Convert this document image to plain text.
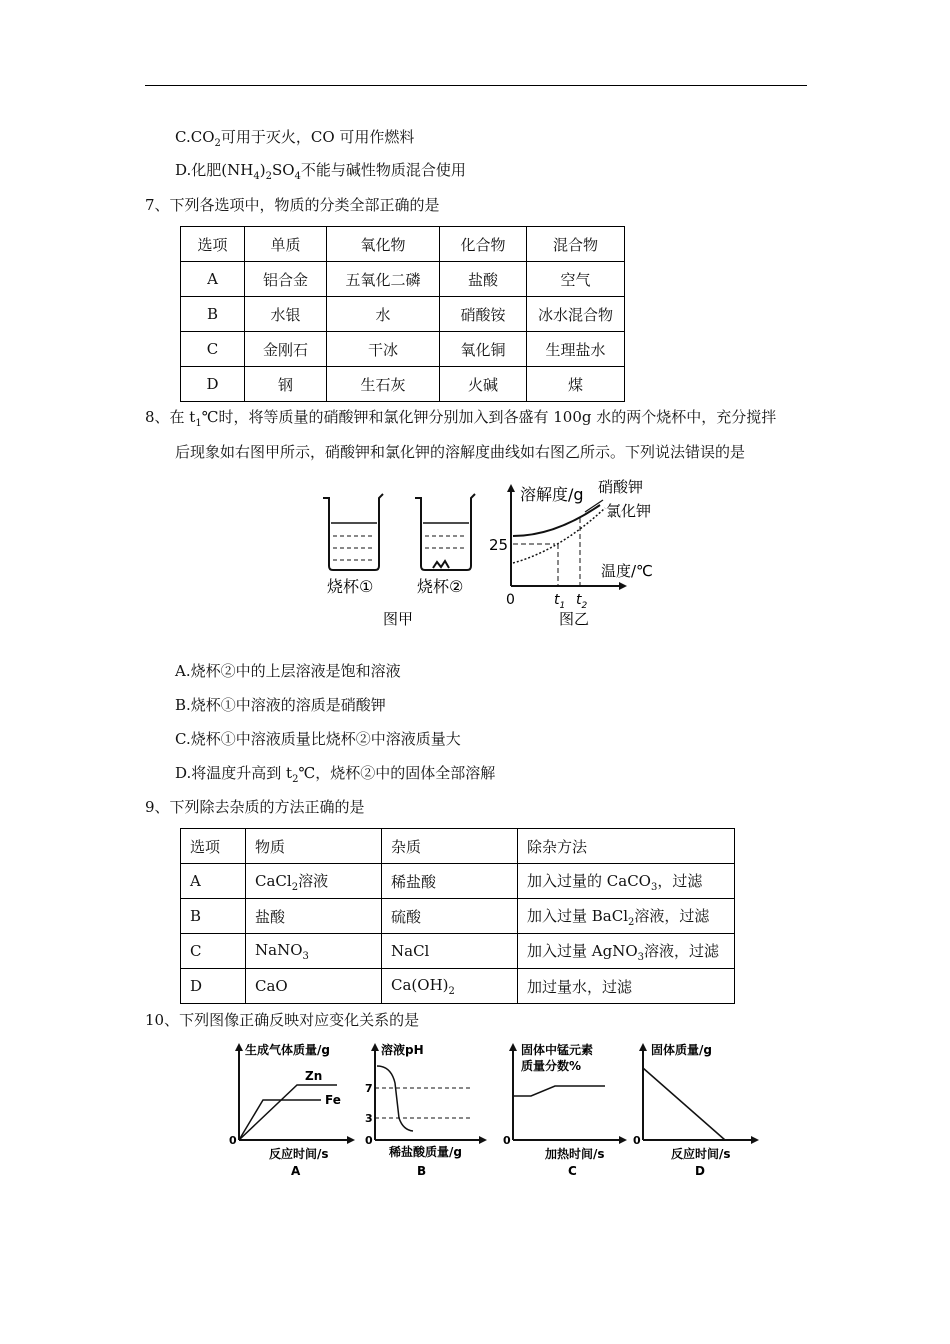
$C.CO_2$可用于灭火，CO 可用作燃料
D.化肥$(NH_4)_2SO_4$不能与碱性物质混合使用
7、下列各选项中，物质的分类全部正确的是
选项	单质	氧化物	化合物	混合物
A	铝合金	五氧化二磷	盐酸	空气
B	水银	水	硝酸铵	冰水混合物
C	金刚石	干冰	氧化铜	生理盐水
D	钢	生石灰	火碱	煤
8、在 $t_1℃$时，将等质量的硝酸钾和氯化钾分别加入到各盛有 100g 水的两个烧杯中，充分搅拌
后现象如右图甲所示，硝酸钾和氯化钾的溶解度曲线如右图乙所示。下列说法错误的是
烧杯①	烧杯②
图甲
溶解度/g 硝酸钾
氯化钾
25
温度/℃
0	$t_1$ $t_2$
图乙
A.烧杯②中的上层溶液是饱和溶液
B.烧杯①中溶液的溶质是硝酸钾
C.烧杯①中溶液质量比烧杯②中溶液质量大
D.将温度升高到 $t_2℃$，烧杯②中的固体全部溶解
9、下列除去杂质的方法正确的是
选项	物质	杂质	除杂方法
A	CaCl$_2$溶液	稀盐酸	加入过量的 CaCO$_3$，过滤
B	盐酸	硫酸	加入过量 BaCl$_2$溶液，过滤
C	NaNO$_3$	NaCl	加入过量 AgNO$_3$溶液，过滤
D	CaO	$Ca(OH)_2$	加过量水，过滤
10、下列图像正确反映对应变化关系的是
生成气体质量/g
Zn
Fe
0
反应时间/s
A
溶液pH
7
3
0
稀盐酸质量/g
B
固体中锰元素
质量分数%
0
加热时间/s
C
固体质量/g
0
反应时间/s
D
